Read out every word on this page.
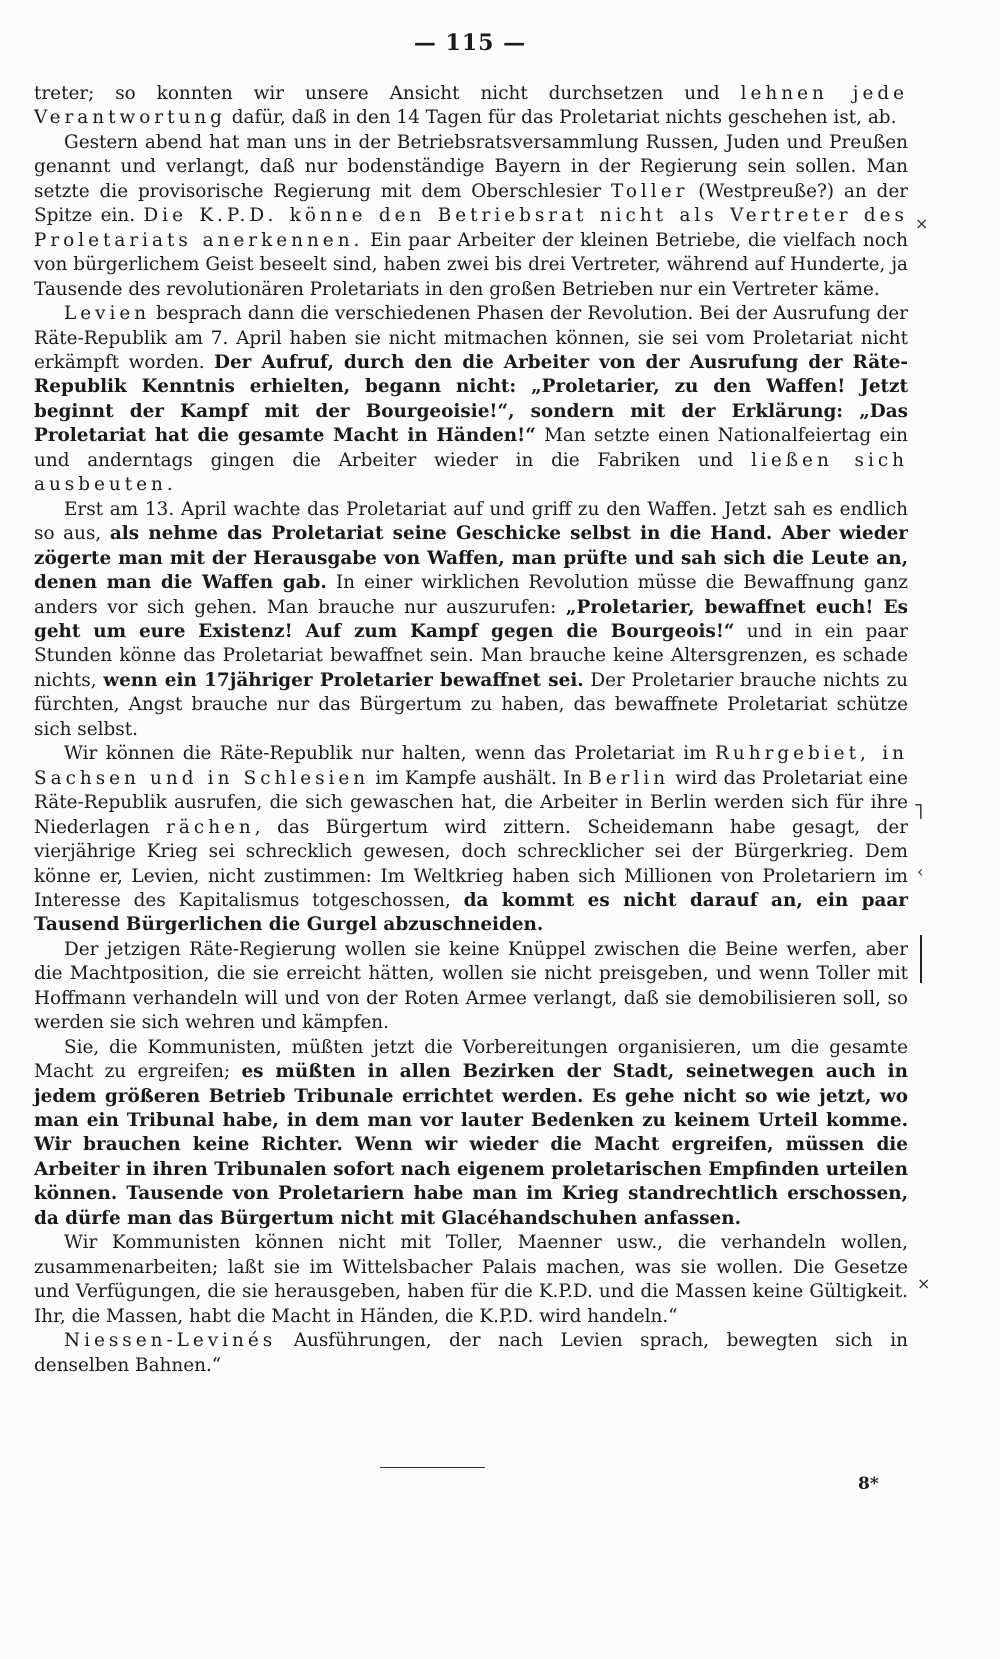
— 115 —

treter; so konnten wir unsere Ansicht nicht durchsetzen und lehnen jede Verantwortung dafür, daß in den 14 Tagen für das Proletariat nichts geschehen ist, ab.

Gestern abend hat man uns in der Betriebsratsversammlung Russen, Juden und Preußen genannt und verlangt, daß nur bodenständige Bayern in der Regierung sein sollen. Man setzte die provisorische Regierung mit dem Oberschlesier Toller (Westpreuße?) an der Spitze ein. Die K.P.D. könne den Betriebsrat nicht als Vertreter des Proletariats anerkennen. Ein paar Arbeiter der kleinen Betriebe, die vielfach noch von bürgerlichem Geist beseelt sind, haben zwei bis drei Vertreter, während auf Hunderte, ja Tausende des revolutionären Proletariats in den großen Betrieben nur ein Vertreter käme.

Levien besprach dann die verschiedenen Phasen der Revolution. Bei der Ausrufung der Räte-Republik am 7. April haben sie nicht mitmachen können, sie sei vom Proletariat nicht erkämpft worden. Der Aufruf, durch den die Arbeiter von der Ausrufung der Räte-Republik Kenntnis erhielten, begann nicht: „Proletarier, zu den Waffen! Jetzt beginnt der Kampf mit der Bourgeoisie!“, sondern mit der Erklärung: „Das Proletariat hat die gesamte Macht in Händen!“ Man setzte einen Nationalfeiertag ein und anderntags gingen die Arbeiter wieder in die Fabriken und ließen sich ausbeuten.

Erst am 13. April wachte das Proletariat auf und griff zu den Waffen. Jetzt sah es endlich so aus, als nehme das Proletariat seine Geschicke selbst in die Hand. Aber wieder zögerte man mit der Herausgabe von Waffen, man prüfte und sah sich die Leute an, denen man die Waffen gab. In einer wirklichen Revolution müsse die Bewaffnung ganz anders vor sich gehen. Man brauche nur auszurufen: „Proletarier, bewaffnet euch! Es geht um eure Existenz! Auf zum Kampf gegen die Bourgeois!“ und in ein paar Stunden könne das Proletariat bewaffnet sein. Man brauche keine Altersgrenzen, es schade nichts, wenn ein 17jähriger Proletarier bewaffnet sei. Der Proletarier brauche nichts zu fürchten, Angst brauche nur das Bürgertum zu haben, das bewaffnete Proletariat schütze sich selbst.

Wir können die Räte-Republik nur halten, wenn das Proletariat im Ruhrgebiet, in Sachsen und in Schlesien im Kampfe aushält. In Berlin wird das Proletariat eine Räte-Republik ausrufen, die sich gewaschen hat, die Arbeiter in Berlin werden sich für ihre Niederlagen rächen, das Bürgertum wird zittern. Scheidemann habe gesagt, der vierjährige Krieg sei schrecklich gewesen, doch schrecklicher sei der Bürgerkrieg. Dem könne er, Levien, nicht zustimmen: Im Weltkrieg haben sich Millionen von Proletariern im Interesse des Kapitalismus totgeschossen, da kommt es nicht darauf an, ein paar Tausend Bürgerlichen die Gurgel abzuschneiden.

Der jetzigen Räte-Regierung wollen sie keine Knüppel zwischen die Beine werfen, aber die Machtposition, die sie erreicht hätten, wollen sie nicht preisgeben, und wenn Toller mit Hoffmann verhandeln will und von der Roten Armee verlangt, daß sie demobilisieren soll, so werden sie sich wehren und kämpfen.

Sie, die Kommunisten, müßten jetzt die Vorbereitungen organisieren, um die gesamte Macht zu ergreifen; es müßten in allen Bezirken der Stadt, seinetwegen auch in jedem größeren Betrieb Tribunale errichtet werden. Es gehe nicht so wie jetzt, wo man ein Tribunal habe, in dem man vor lauter Bedenken zu keinem Urteil komme. Wir brauchen keine Richter. Wenn wir wieder die Macht ergreifen, müssen die Arbeiter in ihren Tribunalen sofort nach eigenem proletarischen Empfinden urteilen können. Tausende von Proletariern habe man im Krieg standrechtlich erschossen, da dürfe man das Bürgertum nicht mit Glacéhandschuhen anfassen.

Wir Kommunisten können nicht mit Toller, Maenner usw., die verhandeln wollen, zusammenarbeiten; laßt sie im Wittelsbacher Palais machen, was sie wollen. Die Gesetze und Verfügungen, die sie herausgeben, haben für die K.P.D. und die Massen keine Gültigkeit. Ihr, die Massen, habt die Macht in Händen, die K.P.D. wird handeln.“

Niessen-Levinés Ausführungen, der nach Levien sprach, bewegten sich in denselben Bahnen.“

×
˥
‹
×
8*
